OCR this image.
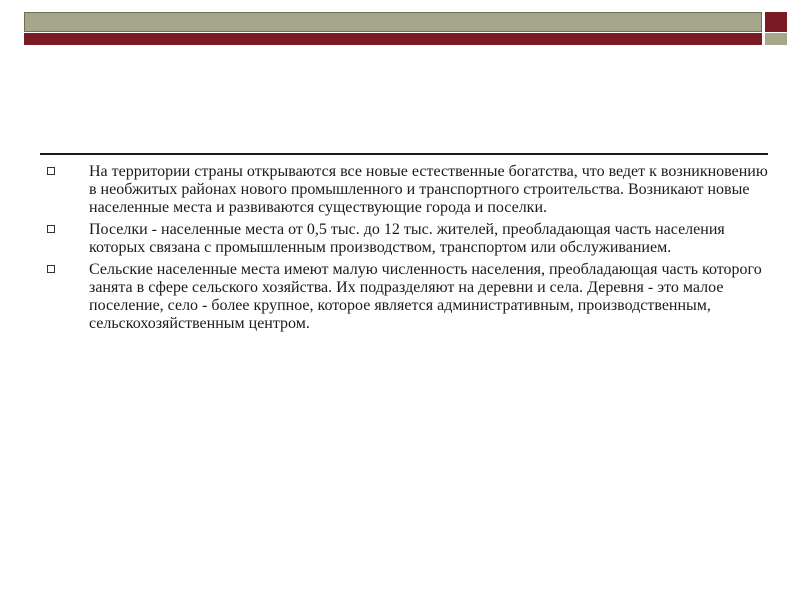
На территории страны открываются все новые естественные богатства, что ведет к возникновению в необжитых районах нового промышленного и транспортного строительства. Возникают новые населенные места и развиваются существующие города и поселки.
Поселки - населенные места от 0,5 тыс. до 12 тыс. жителей, преобладающая часть населения которых связана с промышленным производством, транспортом или обслуживанием.
Сельские населенные места имеют малую численность населения, преобладающая часть которого занята в сфере сельского хозяйства. Их подразделяют на деревни и села. Деревня - это малое поселение, село - более крупное, которое является административным, производственным, сельскохозяйственным центром.
